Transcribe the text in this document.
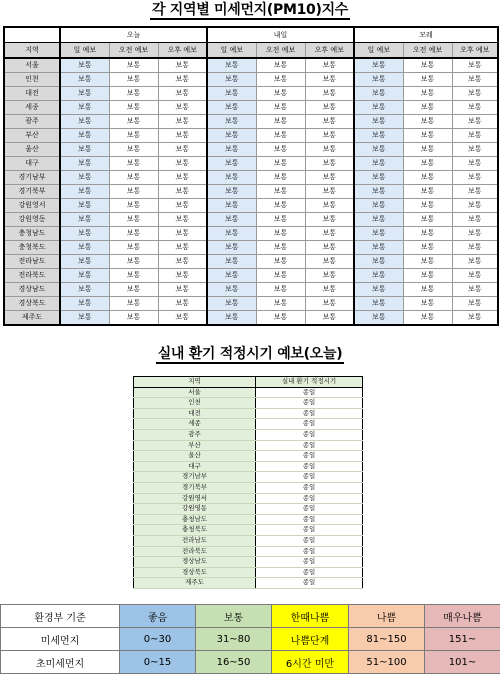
각 지역별 미세먼지(PM10)지수
	오늘			내일			모레		
지역	일 예보	오전 예보	오후 예보	일 예보	오전 예보	오후 예보	일 예보	오전 예보	오후 예보
서울	보통	보통	보통	보통	보통	보통	보통	보통	보통
인천	보통	보통	보통	보통	보통	보통	보통	보통	보통
대전	보통	보통	보통	보통	보통	보통	보통	보통	보통
세종	보통	보통	보통	보통	보통	보통	보통	보통	보통
광주	보통	보통	보통	보통	보통	보통	보통	보통	보통
부산	보통	보통	보통	보통	보통	보통	보통	보통	보통
울산	보통	보통	보통	보통	보통	보통	보통	보통	보통
대구	보통	보통	보통	보통	보통	보통	보통	보통	보통
경기남부	보통	보통	보통	보통	보통	보통	보통	보통	보통
경기북부	보통	보통	보통	보통	보통	보통	보통	보통	보통
강원영서	보통	보통	보통	보통	보통	보통	보통	보통	보통
강원영동	보통	보통	보통	보통	보통	보통	보통	보통	보통
충청남도	보통	보통	보통	보통	보통	보통	보통	보통	보통
충청북도	보통	보통	보통	보통	보통	보통	보통	보통	보통
전라남도	보통	보통	보통	보통	보통	보통	보통	보통	보통
전라북도	보통	보통	보통	보통	보통	보통	보통	보통	보통
경상남도	보통	보통	보통	보통	보통	보통	보통	보통	보통
경상북도	보통	보통	보통	보통	보통	보통	보통	보통	보통
제주도	보통	보통	보통	보통	보통	보통	보통	보통	보통
실내 환기 적정시기 예보(오늘)
지역	실내 환기 적정시기
서울	종일
인천	종일
대전	종일
세종	종일
광주	종일
부산	종일
울산	종일
대구	종일
경기남부	종일
경기북부	종일
강원영서	종일
강원영동	종일
충청남도	종일
충청북도	종일
전라남도	종일
전라북도	종일
경상남도	종일
경상북도	종일
제주도	종일
환경부 기준	좋음	보통	한때나쁨	나쁨	매우나쁨
미세먼지	0~30	31~80	나쁨단계	81~150	151~
초미세먼지	0~15	16~50	6시간 미만	51~100	101~
